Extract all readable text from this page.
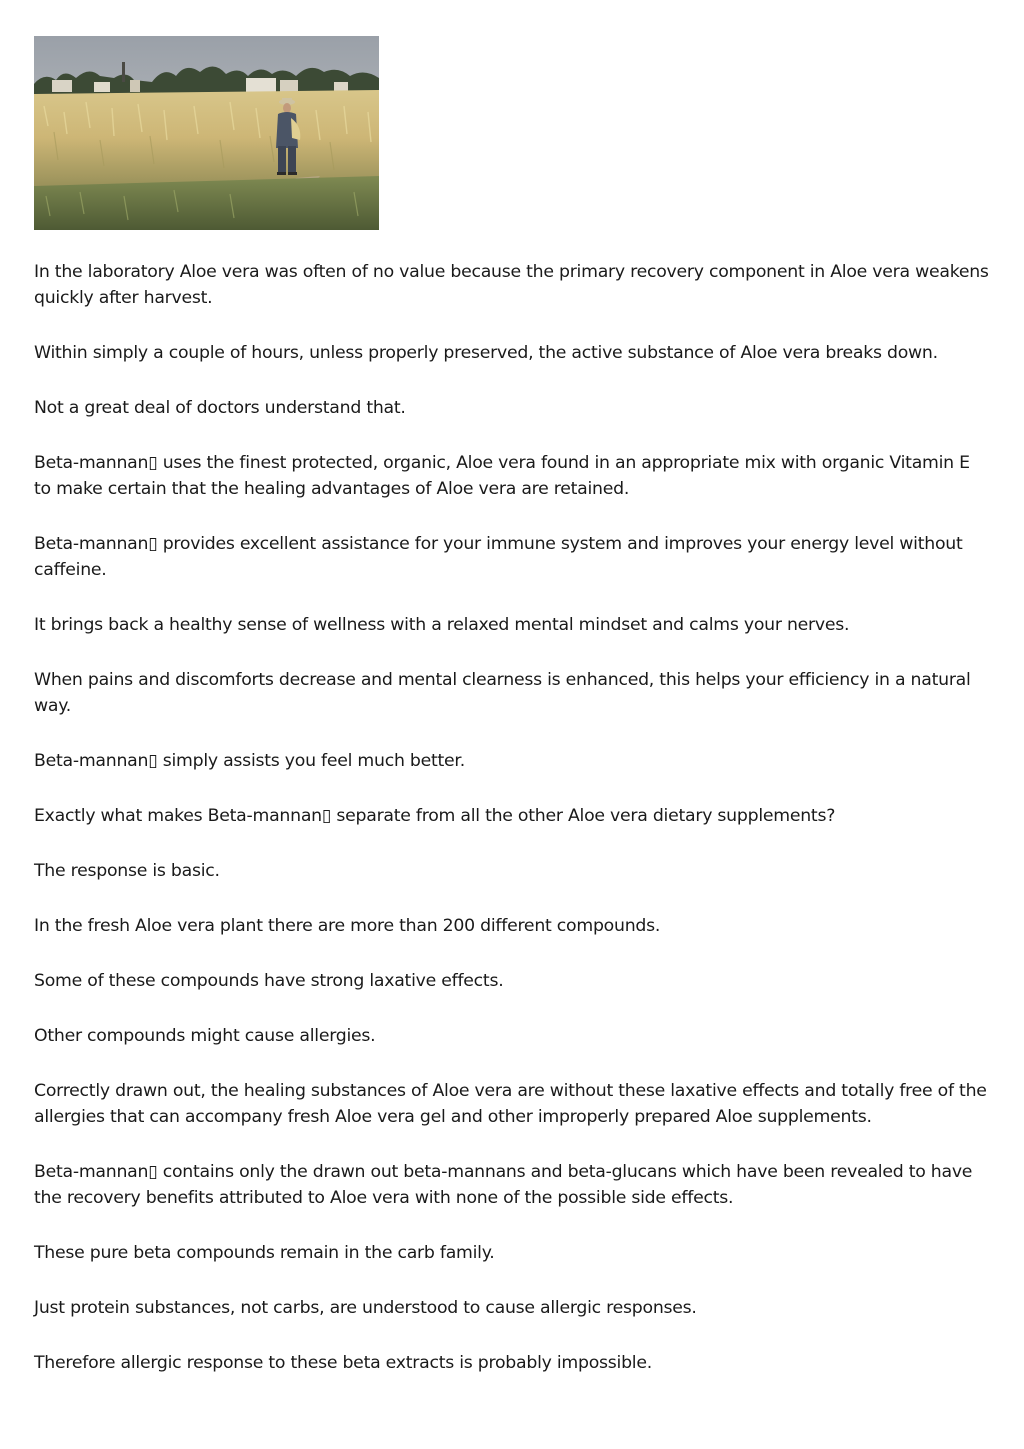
In the laboratory Aloe vera was often of no value because the primary recovery component in Aloe vera weakens quickly after harvest.

Within simply a couple of hours, unless properly preserved, the active substance of Aloe vera breaks down.

Not a great deal of doctors understand that.

Beta-mannan▯ uses the finest protected, organic, Aloe vera found in an appropriate mix with organic Vitamin E to make certain that the healing advantages of Aloe vera are retained.

Beta-mannan▯ provides excellent assistance for your immune system and improves your energy level without caffeine.

It brings back a healthy sense of wellness with a relaxed mental mindset and calms your nerves.

When pains and discomforts decrease and mental clearness is enhanced, this helps your efficiency in a natural way.

Beta-mannan▯ simply assists you feel much better.

Exactly what makes Beta-mannan▯ separate from all the other Aloe vera dietary supplements?

The response is basic.

In the fresh Aloe vera plant there are more than 200 different compounds.

Some of these compounds have strong laxative effects.

Other compounds might cause allergies.

Correctly drawn out, the healing substances of Aloe vera are without these laxative effects and totally free of the allergies that can accompany fresh Aloe vera gel and other improperly prepared Aloe supplements.

Beta-mannan▯ contains only the drawn out beta-mannans and beta-glucans which have been revealed to have the recovery benefits attributed to Aloe vera with none of the possible side effects.

These pure beta compounds remain in the carb family.

Just protein substances, not carbs, are understood to cause allergic responses.

Therefore allergic response to these beta extracts is probably impossible.
